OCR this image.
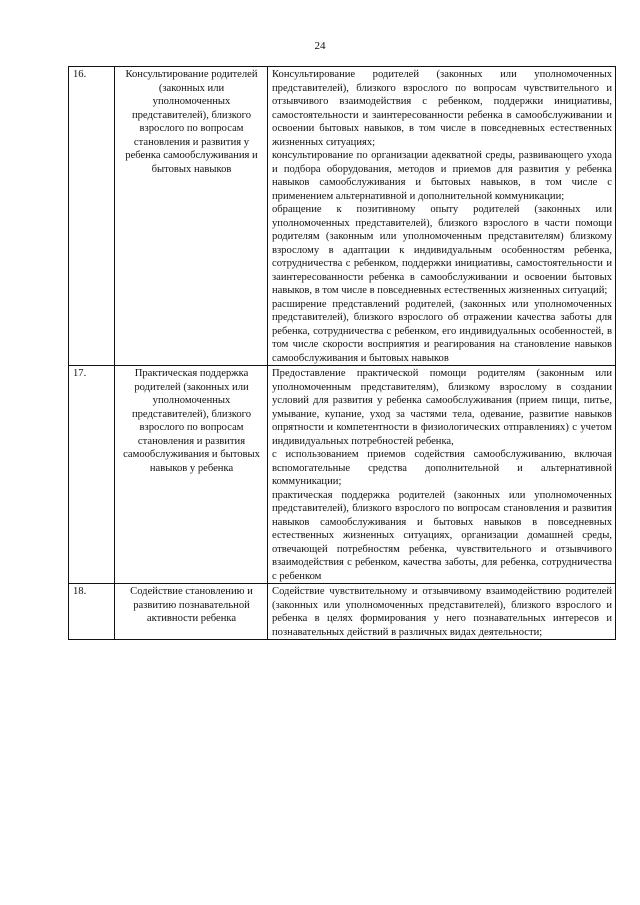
24
16.	Консультирование родителей (законных или уполномоченных представителей), близкого взрослого по вопросам становления и развития у ребенка самообслуживания и бытовых навыков	Консультирование родителей (законных или уполномоченных представителей), близкого взрослого по вопросам чувствительного и отзывчивого взаимодействия с ребенком, поддержки инициативы, самостоятельности и заинтересованности ребенка в самообслуживании и освоении бытовых навыков, в том числе в повседневных естественных жизненных ситуациях;
консультирование по организации адекватной среды, развивающего ухода и подбора оборудования, методов и приемов для развития у ребенка навыков самообслуживания и бытовых навыков, в том числе с применением альтернативной и дополнительной коммуникации;
обращение к позитивному опыту родителей (законных или уполномоченных представителей), близкого взрослого в части помощи родителям (законным или уполномоченным представителям) близкому взрослому в адаптации к индивидуальным особенностям ребенка, сотрудничества с ребенком, поддержки инициативы, самостоятельности и заинтересованности ребенка в самообслуживании и освоении бытовых навыков, в том числе в повседневных естественных жизненных ситуаций;
расширение представлений родителей, (законных или уполномоченных представителей), близкого взрослого об отражении качества заботы для ребенка, сотрудничества с ребенком, его индивидуальных особенностей, в том числе скорости восприятия и реагирования на становление навыков самообслуживания и бытовых навыков

17.	Практическая поддержка родителей (законных или уполномоченных представителей), близкого взрослого по вопросам становления и развития самообслуживания и бытовых навыков у ребенка	Предоставление практической помощи родителям (законным или уполномоченным представителям), близкому взрослому в создании условий для развития у ребенка самообслуживания (прием пищи, питье, умывание, купание, уход за частями тела, одевание, развитие навыков опрятности и компетентности в физиологических отправлениях) с учетом индивидуальных потребностей ребенка,
с использованием приемов содействия самообслуживанию, включая вспомогательные средства дополнительной и альтернативной коммуникации;
практическая поддержка родителей (законных или уполномоченных представителей), близкого взрослого по вопросам становления и развития навыков самообслуживания и бытовых навыков в повседневных естественных жизненных ситуациях, организации домашней среды, отвечающей потребностям ребенка, чувствительного и отзывчивого взаимодействия с ребенком, качества заботы, для ребенка, сотрудничества с ребенком

18.	Содействие становлению и развитию познавательной активности ребенка	Содействие чувствительному и отзывчивому взаимодействию родителей (законных или уполномоченных представителей), близкого взрослого и ребенка в целях формирования у него познавательных интересов и познавательных действий в различных видах деятельности;
